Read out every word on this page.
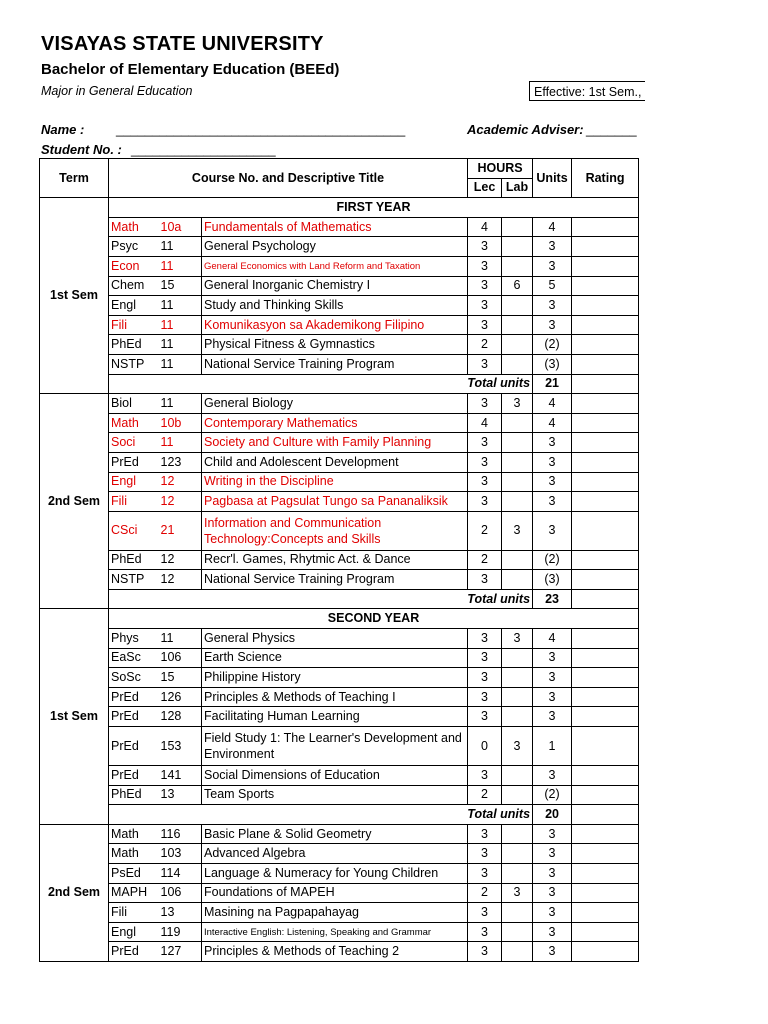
VISAYAS STATE UNIVERSITY
Bachelor of Elementary Education (BEEd)
Major in General Education	Effective: 1st Sem.,
Name : ________________________________________	Academic Adviser: _______
Student No. : ____________________
Term	Course No. and Descriptive Title			HOURS		Units	Rating
				Lec	Lab		
1st Sem	FIRST YEAR						
	Math	10a	Fundamentals of Mathematics	4		4	
	Psyc	11	General Psychology	3		3	
	Econ	11	General Economics with Land Reform and Taxation	3		3	
	Chem	15	General Inorganic Chemistry I	3	6	5	
	Engl	11	Study and Thinking Skills	3		3	
	Fili	11	Komunikasyon sa Akademikong Filipino	3		3	
	PhEd	11	Physical Fitness & Gymnastics	2		(2)	
	NSTP	11	National Service Training Program	3		(3)	
	Total units					21	
2nd Sem	Biol	11	General Biology	3	3	4	
	Math	10b	Contemporary Mathematics	4		4	
	Soci	11	Society and Culture with Family Planning	3		3	
	PrEd	123	Child and Adolescent Development	3		3	
	Engl	12	Writing in the Discipline	3		3	
	Fili	12	Pagbasa at Pagsulat Tungo sa Pananaliksik	3		3	
	CSci	21	Information and Communication Technology:Concepts and Skills	2	3	3	
	PhEd	12	Recr'l. Games, Rhytmic Act. & Dance	2		(2)	
	NSTP	12	National Service Training Program	3		(3)	
	Total units					23	
1st Sem	SECOND YEAR						
	Phys	11	General Physics	3	3	4	
	EaSc	106	Earth Science	3		3	
	SoSc	15	Philippine History	3		3	
	PrEd	126	Principles & Methods of Teaching I	3		3	
	PrEd	128	Facilitating Human Learning	3		3	
	PrEd	153	Field Study 1: The Learner's Development and Environment	0	3	1	
	PrEd	141	Social Dimensions of Education	3		3	
	PhEd	13	Team Sports	2		(2)	
	Total units					20	
2nd Sem	Math	116	Basic Plane & Solid Geometry	3		3	
	Math	103	Advanced Algebra	3		3	
	PsEd	114	Language & Numeracy for Young Children	3		3	
	MAPH	106	Foundations of MAPEH	2	3	3	
	Fili	13	Masining na Pagpapahayag	3		3	
	Engl	119	Interactive English: Listening, Speaking and Grammar	3		3	
	PrEd	127	Principles & Methods of Teaching 2	3		3	
